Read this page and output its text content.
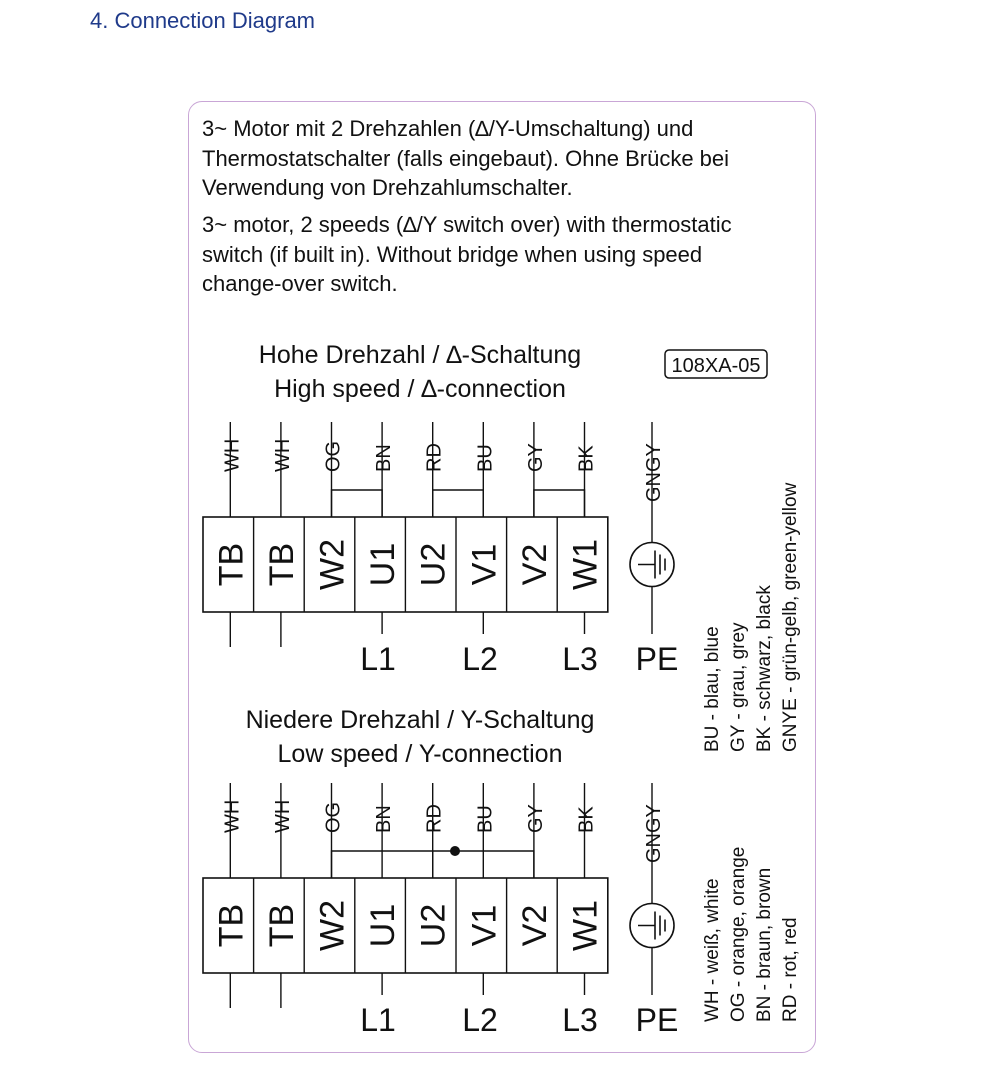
4. Connection Diagram
3~ Motor mit 2 Drehzahlen (∆/Y-Umschaltung) und
Thermostatschalter (falls eingebaut). Ohne Brücke bei
Verwendung von Drehzahlumschalter.
3~ motor, 2 speeds (∆/Y switch over) with thermostatic
switch (if built in). Without bridge when using speed
change-over switch.
108XA-05
Hohe Drehzahl / ∆-Schaltung
High speed / ∆-connection
Niedere Drehzahl / Y-Schaltung
Low speed / Y-connection
WH WH OG BN RD BU GY BK
TB TB W2 U1 U2 V1 V2 W1
GNGY
L1 L2 L3 PE
WH WH OG BN RD BU GY BK
TB TB W2 U1 U2 V1 V2 W1
GNGY
L1 L2 L3 PE
BU - blau, blue GY - grau, grey BK - schwarz, black GNYE - grün-gelb, green-yellow
WH - weiß, white OG - orange, orange BN - braun, brown RD - rot, red
